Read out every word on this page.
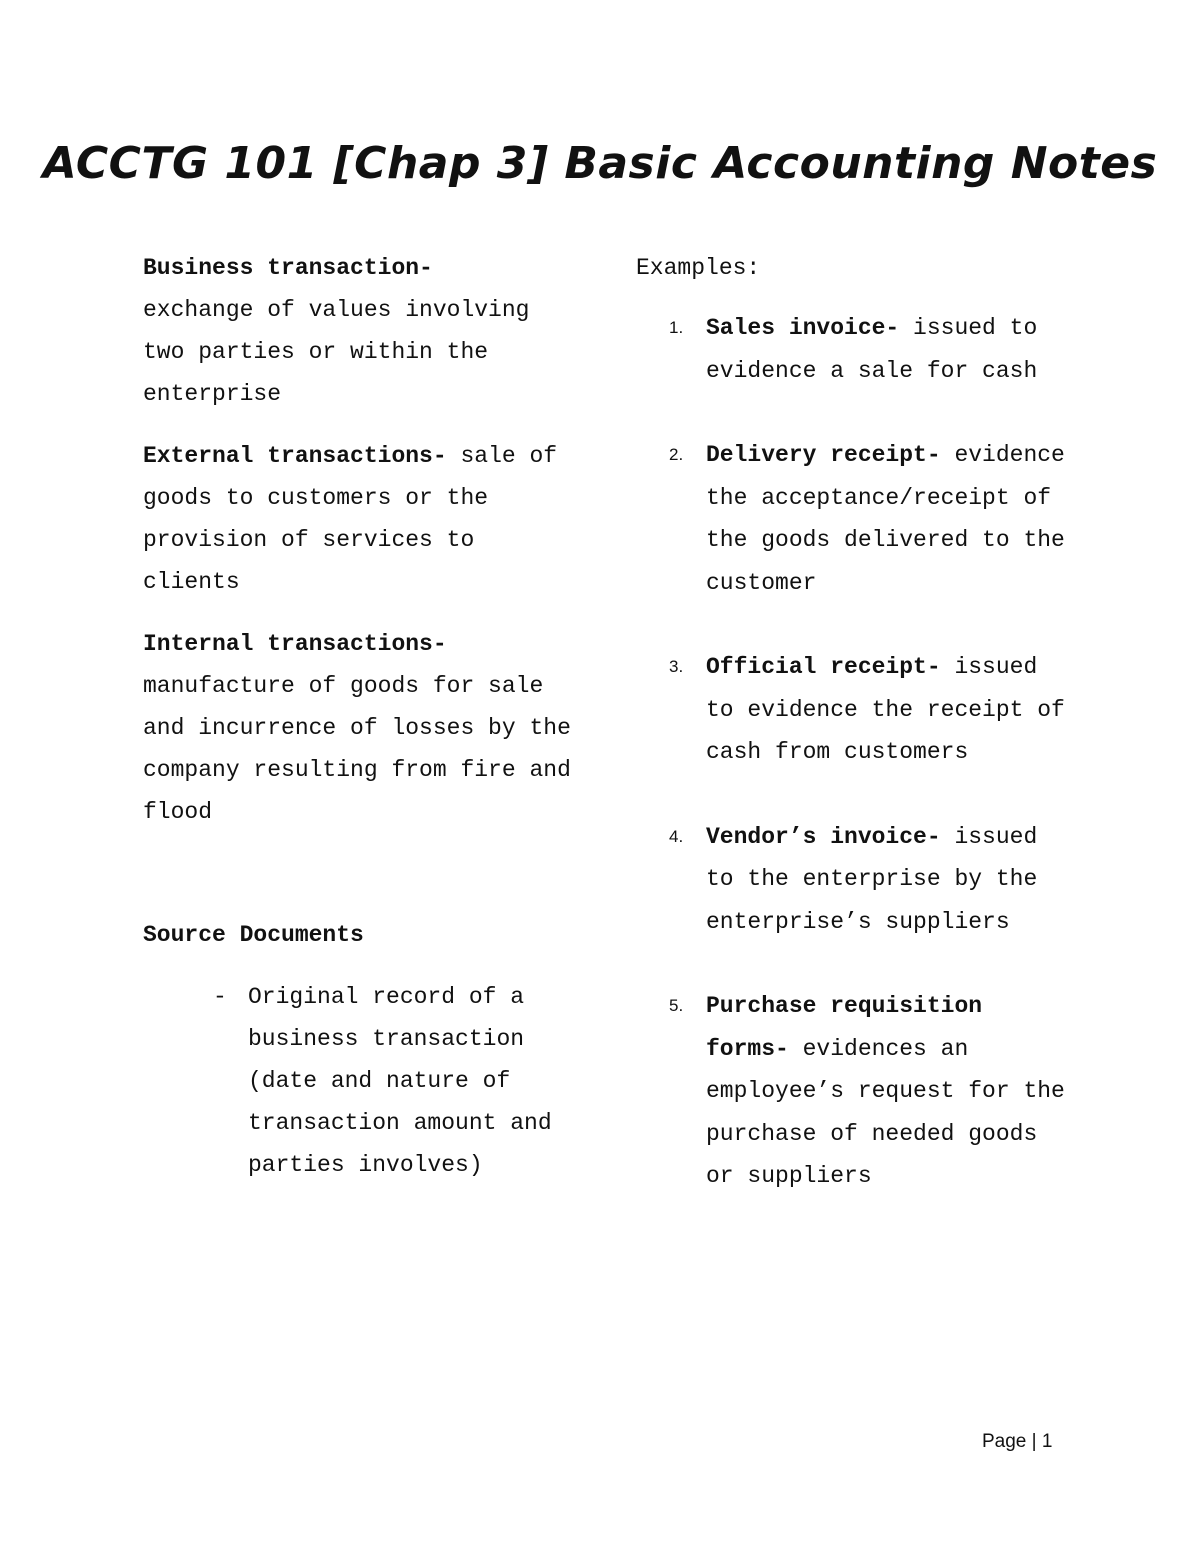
ACCTG 101 [Chap 3] Basic Accounting Notes

Business transaction-
exchange of values involving two parties or within the enterprise

External transactions- sale of goods to customers or the provision of services to clients

Internal transactions-
manufacture of goods for sale and incurrence of losses by the company resulting from fire and flood

Source Documents
- Original record of a business transaction (date and nature of transaction amount and parties involves)

Examples:

1. Sales invoice- issued to evidence a sale for cash
2. Delivery receipt- evidence the acceptance/receipt of the goods delivered to the customer
3. Official receipt- issued to evidence the receipt of cash from customers
4. Vendor’s invoice- issued to the enterprise by the enterprise’s suppliers
5. Purchase requisition forms- evidences an employee’s request for the purchase of needed goods or suppliers
Page | 1
